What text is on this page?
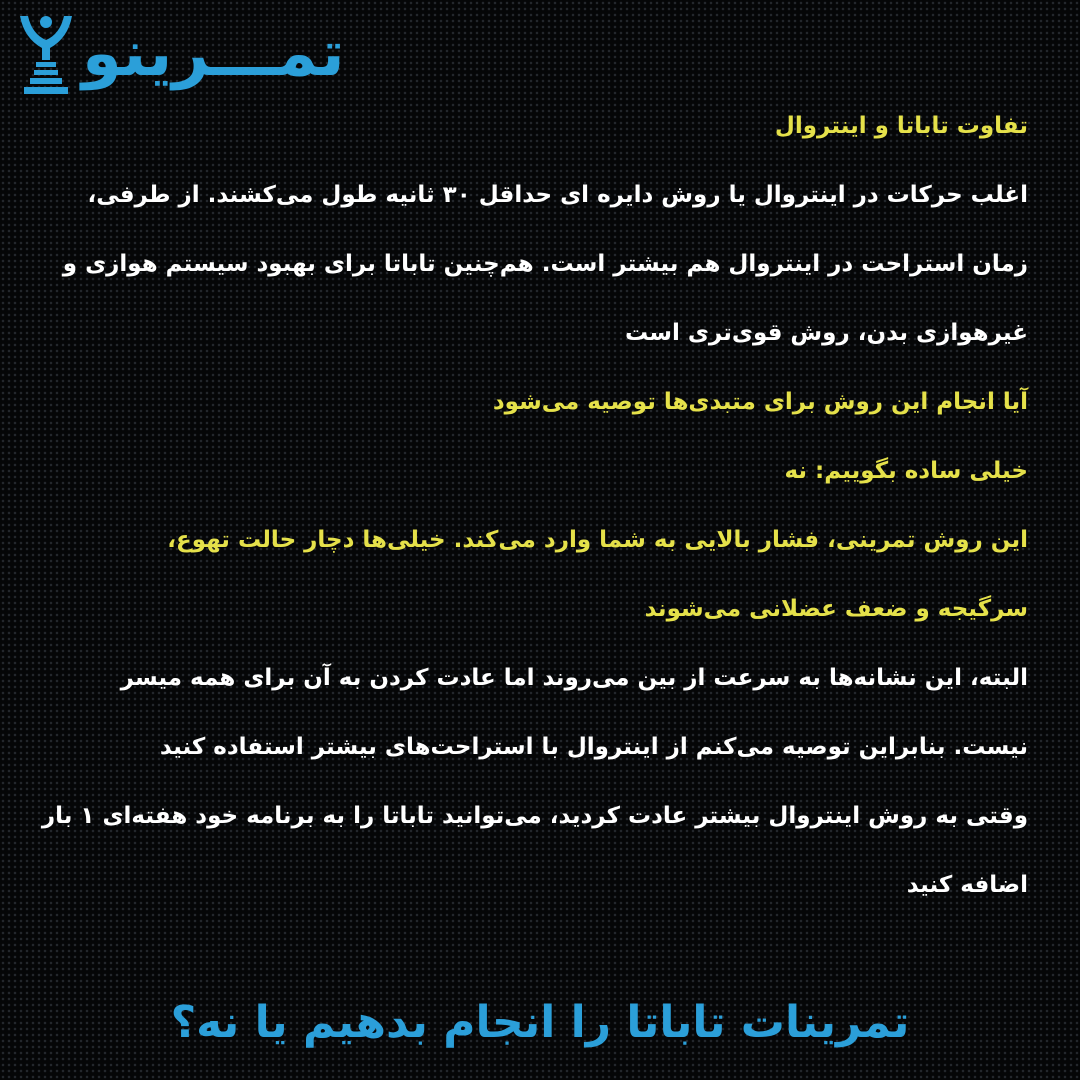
تمـــرینو
تفاوت تاباتا و اینتروال
اغلب حرکات در اینتروال یا روش دایره ای حداقل ۳۰ ثانیه طول می‌کشند. از طرفی،
زمان استراحت در اینتروال هم بیشتر است. هم‌چنین تاباتا برای بهبود سیستم هوازی و
غیرهوازی بدن، روش قوی‌تری است
آیا انجام این روش برای متبدی‌ها توصیه می‌شود
خیلی ساده بگوییم: نه
این روش تمرینی، فشار بالایی به شما وارد می‌کند. خیلی‌ها دچار حالت تهوع،
سرگیجه و ضعف عضلانی می‌شوند
البته، این نشانه‌ها به سرعت از بین می‌روند اما عادت کردن به آن برای همه میسر
نیست. بنابراین توصیه می‌کنم از اینتروال با استراحت‌های بیشتر استفاده کنید
وقتی به روش اینتروال بیشتر عادت کردید، می‌توانید تاباتا را به برنامه خود هفته‌ای ۱ بار
اضافه کنید
تمرینات تاباتا را انجام بدهیم یا نه؟
